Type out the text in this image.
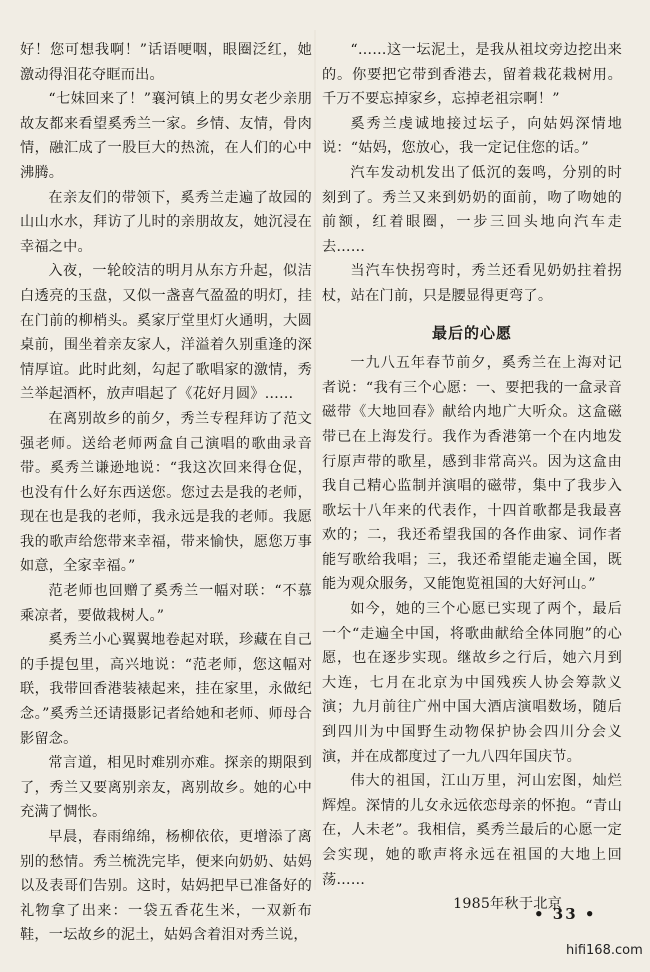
好！您可想我啊！”话语哽咽，眼圈泛红，她激动得泪花夺眶而出。

“七妹回来了！”襄河镇上的男女老少亲朋故友都来看望奚秀兰一家。乡情、友情，骨肉情，融汇成了一股巨大的热流，在人们的心中沸腾。

在亲友们的带领下，奚秀兰走遍了故园的山山水水，拜访了儿时的亲朋故友，她沉浸在幸福之中。

入夜，一轮皎洁的明月从东方升起，似洁白透亮的玉盘，又似一盏喜气盈盈的明灯，挂在门前的柳梢头。奚家厅堂里灯火通明，大圆桌前，围坐着亲友家人，洋溢着久别重逢的深情厚谊。此时此刻，勾起了歌唱家的激情，秀兰举起酒杯，放声唱起了《花好月圆》……

在离别故乡的前夕，秀兰专程拜访了范文强老师。送给老师两盒自己演唱的歌曲录音带。奚秀兰谦逊地说：“我这次回来得仓促，也没有什么好东西送您。您过去是我的老师，现在也是我的老师，我永远是我的老师。我愿我的歌声给您带来幸福，带来愉快，愿您万事如意，全家幸福。”

范老师也回赠了奚秀兰一幅对联：“不慕乘凉者，要做栽树人。”

奚秀兰小心翼翼地卷起对联，珍藏在自己的手提包里，高兴地说：“范老师，您这幅对联，我带回香港装裱起来，挂在家里，永做纪念。”奚秀兰还请摄影记者给她和老师、师母合影留念。

常言道，相见时难别亦难。探亲的期限到了，秀兰又要离别亲友，离别故乡。她的心中充满了惆怅。

早晨，春雨绵绵，杨柳依依，更增添了离别的愁情。秀兰梳洗完毕，便来向奶奶、姑妈以及表哥们告别。这时，姑妈把早已准备好的礼物拿了出来：一袋五香花生米，一双新布鞋，一坛故乡的泥土，姑妈含着泪对秀兰说，

“……这一坛泥土，是我从祖坟旁边挖出来的。你要把它带到香港去，留着栽花栽树用。千万不要忘掉家乡，忘掉老祖宗啊！”

奚秀兰虔诚地接过坛子，向姑妈深情地说：“姑妈，您放心，我一定记住您的话。”

汽车发动机发出了低沉的轰鸣，分别的时刻到了。秀兰又来到奶奶的面前，吻了吻她的前额，红着眼圈，一步三回头地向汽车走去……

当汽车快拐弯时，秀兰还看见奶奶拄着拐杖，站在门前，只是腰显得更弯了。

最后的心愿

一九八五年春节前夕，奚秀兰在上海对记者说：“我有三个心愿：一、要把我的一盒录音磁带《大地回春》献给内地广大听众。这盒磁带已在上海发行。我作为香港第一个在内地发行原声带的歌星，感到非常高兴。因为这盒由我自己精心监制并演唱的磁带，集中了我步入歌坛十八年来的代表作，十四首歌都是我最喜欢的；二，我还希望我国的各作曲家、词作者能写歌给我唱；三，我还希望能走遍全国，既能为观众服务，又能饱览祖国的大好河山。”

如今，她的三个心愿已实现了两个，最后一个“走遍全中国，将歌曲献给全体同胞”的心愿，也在逐步实现。继故乡之行后，她六月到大连，七月在北京为中国残疾人协会筹款义演；九月前往广州中国大酒店演唱数场，随后到四川为中国野生动物保护协会四川分会义演，并在成都度过了一九八四年国庆节。

伟大的祖国，江山万里，河山宏图，灿烂辉煌。深情的儿女永远依恋母亲的怀抱。“青山在，人未老”。我相信，奚秀兰最后的心愿一定会实现，她的歌声将永远在祖国的大地上回荡……

1985年秋于北京

• 33 •
hifi168.com
